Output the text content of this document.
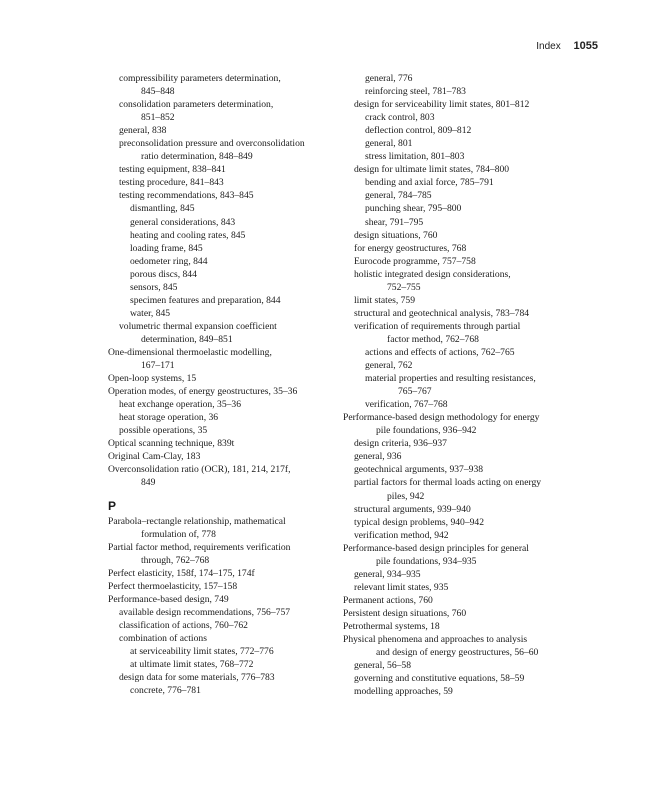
Index 1055
compressibility parameters determination,
845–848
consolidation parameters determination,
851–852
general, 838
preconsolidation pressure and overconsolidation
ratio determination, 848–849
testing equipment, 838–841
testing procedure, 841–843
testing recommendations, 843–845
dismantling, 845
general considerations, 843
heating and cooling rates, 845
loading frame, 845
oedometer ring, 844
porous discs, 844
sensors, 845
specimen features and preparation, 844
water, 845
volumetric thermal expansion coefficient
determination, 849–851
One-dimensional thermoelastic modelling,
167–171
Open-loop systems, 15
Operation modes, of energy geostructures, 35–36
heat exchange operation, 35–36
heat storage operation, 36
possible operations, 35
Optical scanning technique, 839t
Original Cam-Clay, 183
Overconsolidation ratio (OCR), 181, 214, 217f,
849
P
Parabola–rectangle relationship, mathematical
formulation of, 778
Partial factor method, requirements verification
through, 762–768
Perfect elasticity, 158f, 174–175, 174f
Perfect thermoelasticity, 157–158
Performance-based design, 749
available design recommendations, 756–757
classification of actions, 760–762
combination of actions
at serviceability limit states, 772–776
at ultimate limit states, 768–772
design data for some materials, 776–783
concrete, 776–781
general, 776
reinforcing steel, 781–783
design for serviceability limit states, 801–812
crack control, 803
deflection control, 809–812
general, 801
stress limitation, 801–803
design for ultimate limit states, 784–800
bending and axial force, 785–791
general, 784–785
punching shear, 795–800
shear, 791–795
design situations, 760
for energy geostructures, 768
Eurocode programme, 757–758
holistic integrated design considerations,
752–755
limit states, 759
structural and geotechnical analysis, 783–784
verification of requirements through partial
factor method, 762–768
actions and effects of actions, 762–765
general, 762
material properties and resulting resistances,
765–767
verification, 767–768
Performance-based design methodology for energy
pile foundations, 936–942
design criteria, 936–937
general, 936
geotechnical arguments, 937–938
partial factors for thermal loads acting on energy
piles, 942
structural arguments, 939–940
typical design problems, 940–942
verification method, 942
Performance-based design principles for general
pile foundations, 934–935
general, 934–935
relevant limit states, 935
Permanent actions, 760
Persistent design situations, 760
Petrothermal systems, 18
Physical phenomena and approaches to analysis
and design of energy geostructures, 56–60
general, 56–58
governing and constitutive equations, 58–59
modelling approaches, 59
